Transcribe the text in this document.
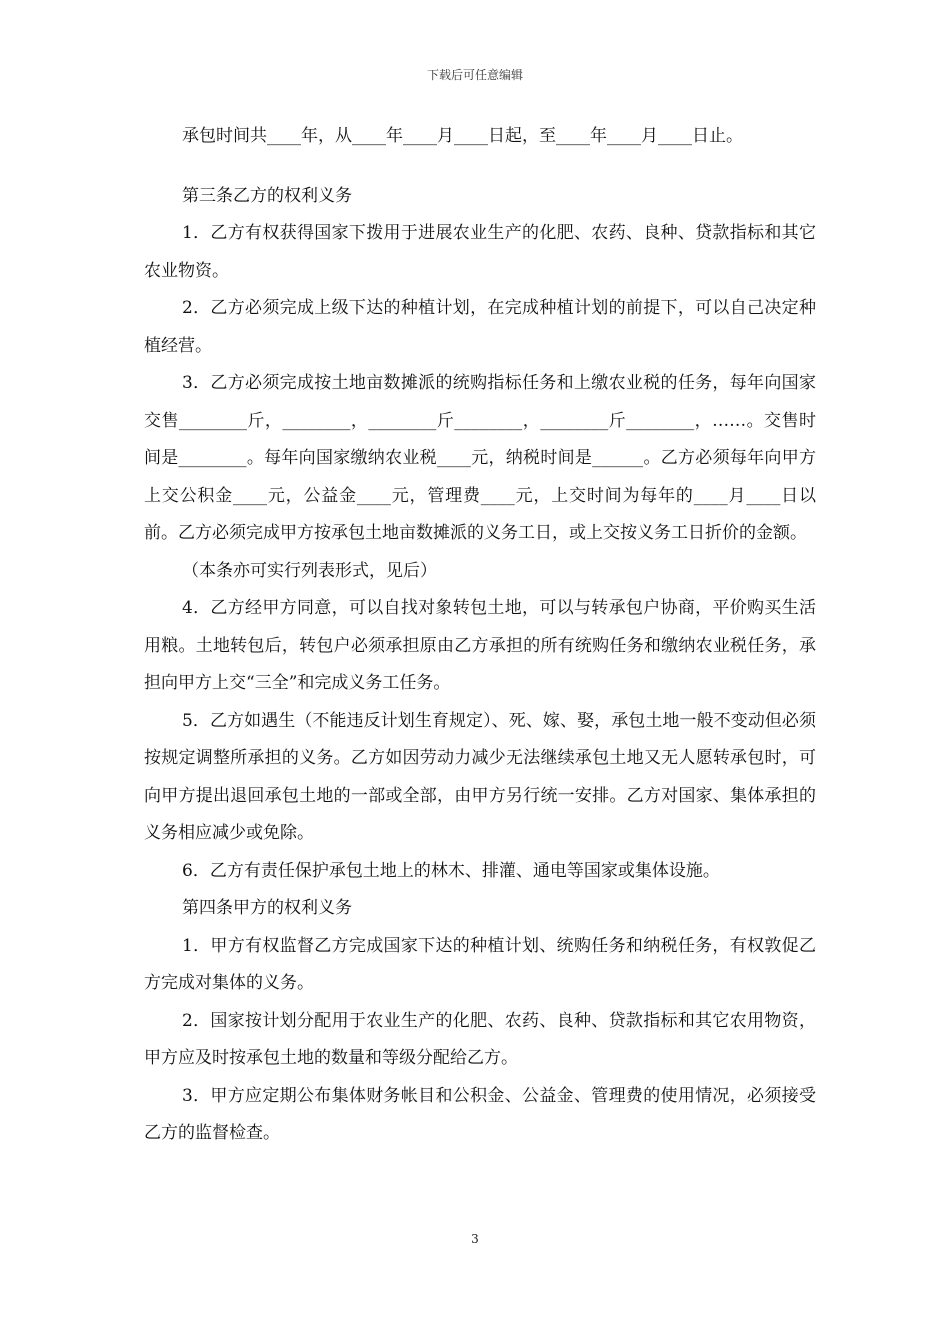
下载后可任意编辑

承包时间共____年，从____年____月____日起，至____年____月____日止。

第三条乙方的权利义务

1．乙方有权获得国家下拨用于进展农业生产的化肥、农药、良种、贷款指标和其它农业物资。

2．乙方必须完成上级下达的种植计划，在完成种植计划的前提下，可以自己决定种植经营。

3．乙方必须完成按土地亩数摊派的统购指标任务和上缴农业税的任务，每年向国家交售________斤，________，________斤________，________斤________，……。交售时间是________。每年向国家缴纳农业税____元，纳税时间是______。乙方必须每年向甲方上交公积金____元，公益金____元，管理费____元，上交时间为每年的____月____日以前。乙方必须完成甲方按承包土地亩数摊派的义务工日，或上交按义务工日折价的金额。

（本条亦可实行列表形式，见后）

4．乙方经甲方同意，可以自找对象转包土地，可以与转承包户协商，平价购买生活用粮。土地转包后，转包户必须承担原由乙方承担的所有统购任务和缴纳农业税任务，承担向甲方上交“三全”和完成义务工任务。

5．乙方如遇生（不能违反计划生育规定）、死、嫁、娶，承包土地一般不变动但必须按规定调整所承担的义务。乙方如因劳动力减少无法继续承包土地又无人愿转承包时，可向甲方提出退回承包土地的一部或全部，由甲方另行统一安排。乙方对国家、集体承担的义务相应减少或免除。

6．乙方有责任保护承包土地上的林木、排灌、通电等国家或集体设施。

第四条甲方的权利义务

1．甲方有权监督乙方完成国家下达的种植计划、统购任务和纳税任务，有权敦促乙方完成对集体的义务。

2．国家按计划分配用于农业生产的化肥、农药、良种、贷款指标和其它农用物资，甲方应及时按承包土地的数量和等级分配给乙方。

3．甲方应定期公布集体财务帐目和公积金、公益金、管理费的使用情况，必须接受乙方的监督检查。

3
